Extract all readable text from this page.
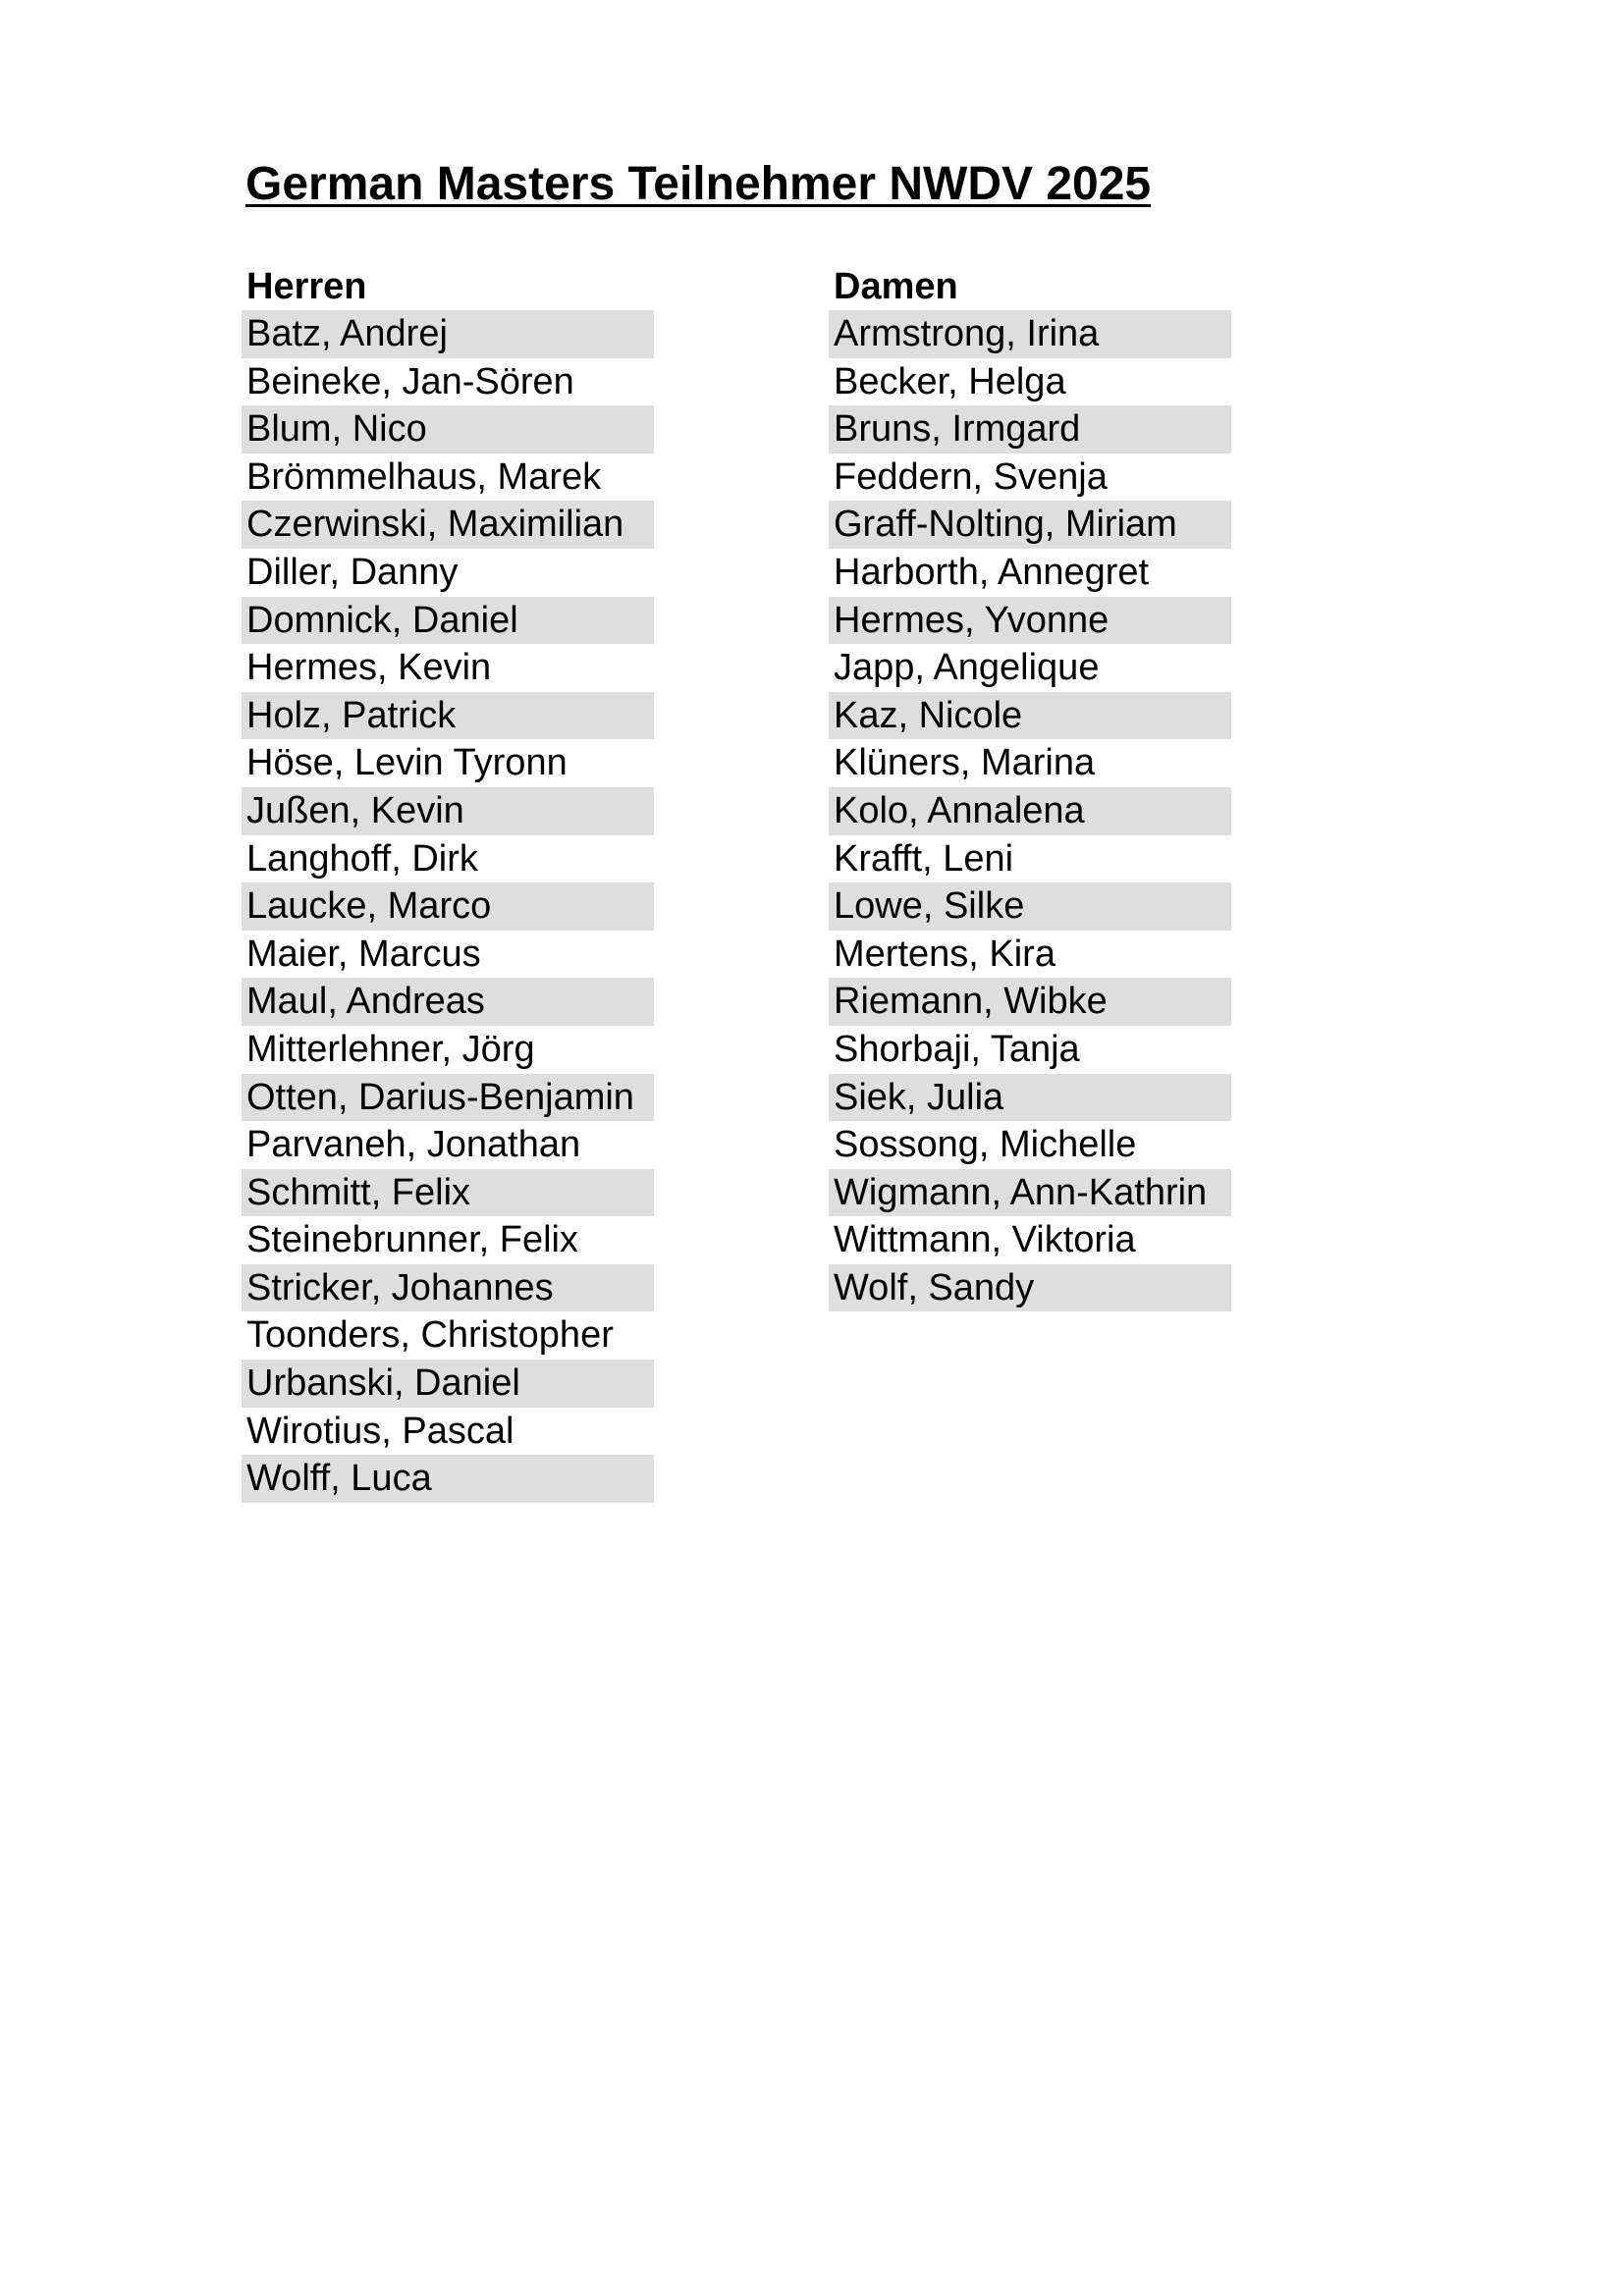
German Masters Teilnehmer NWDV 2025
Herren
Batz, Andrej
Beineke, Jan-Sören
Blum, Nico
Brömmelhaus, Marek
Czerwinski, Maximilian
Diller, Danny
Domnick, Daniel
Hermes, Kevin
Holz, Patrick
Höse, Levin Tyronn
Jußen, Kevin
Langhoff, Dirk
Laucke, Marco
Maier, Marcus
Maul, Andreas
Mitterlehner, Jörg
Otten, Darius-Benjamin
Parvaneh, Jonathan
Schmitt, Felix
Steinebrunner, Felix
Stricker, Johannes
Toonders, Christopher
Urbanski, Daniel
Wirotius, Pascal
Wolff, Luca
Damen
Armstrong, Irina
Becker, Helga
Bruns, Irmgard
Feddern, Svenja
Graff-Nolting, Miriam
Harborth, Annegret
Hermes, Yvonne
Japp, Angelique
Kaz, Nicole
Klüners, Marina
Kolo, Annalena
Krafft, Leni
Lowe, Silke
Mertens, Kira
Riemann, Wibke
Shorbaji, Tanja
Siek, Julia
Sossong, Michelle
Wigmann, Ann-Kathrin
Wittmann, Viktoria
Wolf, Sandy
